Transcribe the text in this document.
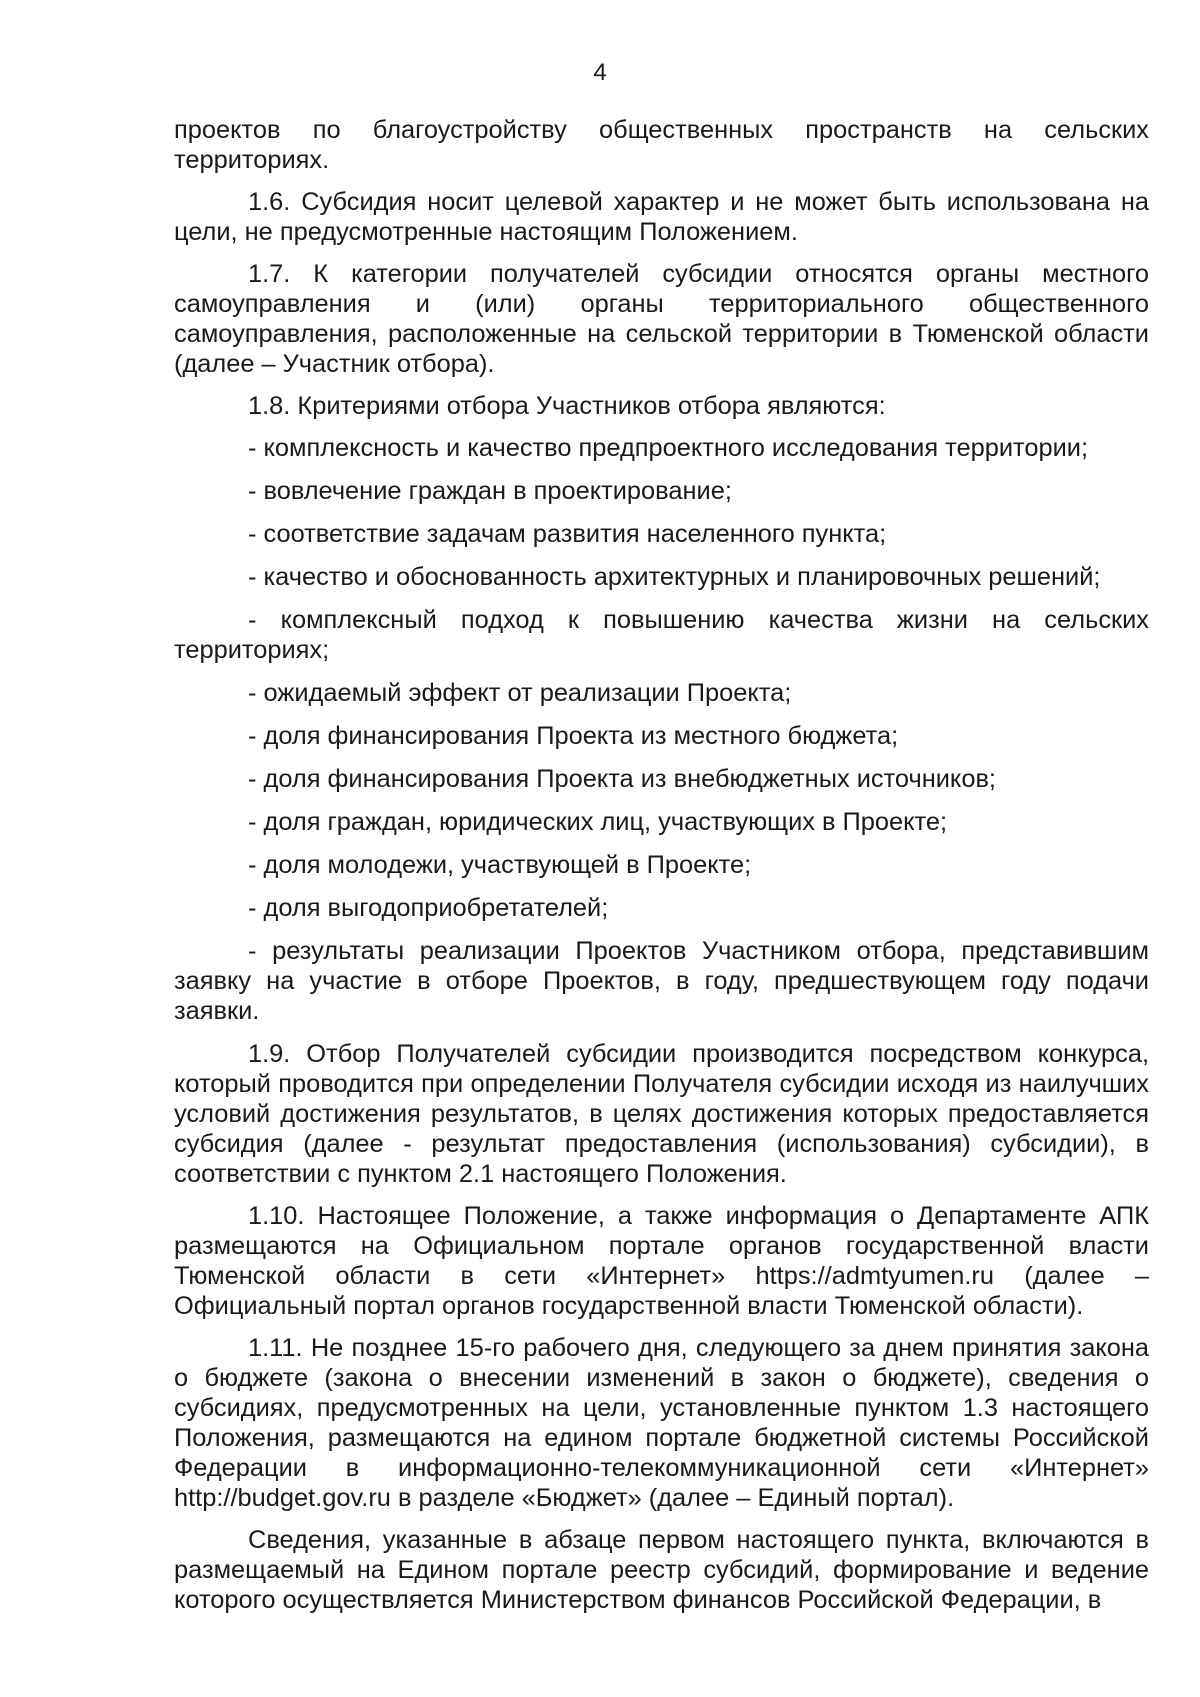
4

проектов по благоустройству общественных пространств на сельских территориях.

1.6. Субсидия носит целевой характер и не может быть использована на цели, не предусмотренные настоящим Положением.

1.7. К категории получателей субсидии относятся органы местного самоуправления и (или) органы территориального общественного самоуправления, расположенные на сельской территории в Тюменской области (далее – Участник отбора).

1.8. Критериями отбора Участников отбора являются:

- комплексность и качество предпроектного исследования территории;

- вовлечение граждан в проектирование;

- соответствие задачам развития населенного пункта;

- качество и обоснованность архитектурных и планировочных решений;

- комплексный подход к повышению качества жизни на сельских территориях;

- ожидаемый эффект от реализации Проекта;

- доля финансирования Проекта из местного бюджета;

- доля финансирования Проекта из внебюджетных источников;

- доля граждан, юридических лиц, участвующих в Проекте;

- доля молодежи, участвующей в Проекте;

- доля выгодоприобретателей;

- результаты реализации Проектов Участником отбора, представившим заявку на участие в отборе Проектов, в году, предшествующем году подачи заявки.

1.9. Отбор Получателей субсидии производится посредством конкурса, который проводится при определении Получателя субсидии исходя из наилучших условий достижения результатов, в целях достижения которых предоставляется субсидия (далее - результат предоставления (использования) субсидии), в соответствии с пунктом 2.1 настоящего Положения.

1.10. Настоящее Положение, а также информация о Департаменте АПК размещаются на Официальном портале органов государственной власти Тюменской области в сети «Интернет» https://admtyumen.ru (далее – Официальный портал органов государственной власти Тюменской области).

1.11. Не позднее 15-го рабочего дня, следующего за днем принятия закона о бюджете (закона о внесении изменений в закон о бюджете), сведения о субсидиях, предусмотренных на цели, установленные пунктом 1.3 настоящего Положения, размещаются на едином портале бюджетной системы Российской Федерации в информационно-телекоммуникационной сети «Интернет» http://budget.gov.ru в разделе «Бюджет» (далее – Единый портал).

Сведения, указанные в абзаце первом настоящего пункта, включаются в размещаемый на Едином портале реестр субсидий, формирование и ведение которого осуществляется Министерством финансов Российской Федерации, в
